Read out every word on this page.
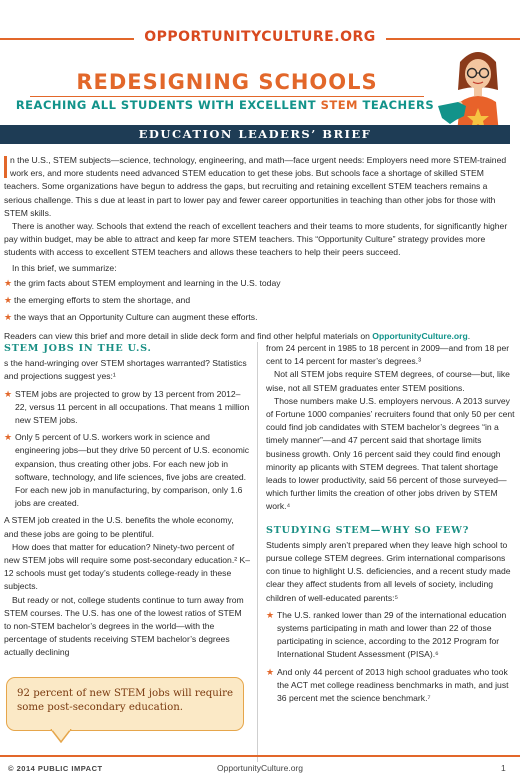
OPPORTUNITYCULTURE.ORG
REDESIGNING SCHOOLS
REACHING ALL STUDENTS WITH EXCELLENT STEM TEACHERS
EDUCATION LEADERS’ BRIEF

n the U.S., STEM subjects—science, technology, engineering, and math—face urgent needs: Employers need more STEM-trained work ers, and more students need advanced STEM education to get these jobs. But schools face a shortage of skilled STEM teachers. Some organizations have begun to address the gaps, but recruiting and retaining excellent STEM teachers remains a serious challenge. This s due at least in part to lower pay and fewer career opportunities in teaching than other jobs for those with STEM skills.

There is another way. Schools that extend the reach of excellent teachers and their teams to more students, for significantly higher pay within budget, may be able to attract and keep far more STEM teachers. This “Opportunity Culture” strategy provides more students with access to excellent STEM teachers and allows these teachers to help their peers succeed.

In this brief, we summarize:

★ the grim facts about STEM employment and learning in the U.S. today
★ the emerging efforts to stem the shortage, and
★ the ways that an Opportunity Culture can augment these efforts.

Readers can view this brief and more detail in slide deck form and find other helpful materials on OpportunityCulture.org.

STEM JOBS IN THE U.S.

s the hand-wringing over STEM shortages warranted? Statistics and projections suggest yes:¹

★ STEM jobs are projected to grow by 13 percent from 2012–22, versus 11 percent in all occupations. That means 1 million new STEM jobs.
★ Only 5 percent of U.S. workers work in science and engineering jobs—but they drive 50 percent of U.S. economic expansion, thus creating other jobs. For each new job in software, technology, and life sciences, five jobs are created. For each new job in manufacturing, by comparison, only 1.6 jobs are created.

A STEM job created in the U.S. benefits the whole economy, and these jobs are going to be plentiful.

How does that matter for education? Ninety-two percent of new STEM jobs will require some post-secondary education.² K–12 schools must get today’s students college-ready in these subjects.

But ready or not, college students continue to turn away from STEM courses. The U.S. has one of the lowest ratios of STEM to non-STEM bachelor’s degrees in the world—with the percentage of students receiving STEM bachelor’s degrees actually declining

from 24 percent in 1985 to 18 percent in 2009—and from 18 per cent to 14 percent for master’s degrees.³

Not all STEM jobs require STEM degrees, of course—but, like wise, not all STEM graduates enter STEM positions.

Those numbers make U.S. employers nervous. A 2013 survey of Fortune 1000 companies’ recruiters found that only 50 per cent could find job candidates with STEM bachelor’s degrees “in a timely manner”—and 47 percent said that shortage limits business growth. Only 16 percent said they could find enough minority ap plicants with STEM degrees. That talent shortage leads to lower productivity, said 56 percent of those surveyed—which further limits the creation of other jobs driven by STEM work.⁴

STUDYING STEM—WHY SO FEW?

Students simply aren’t prepared when they leave high school to pursue college STEM degrees. Grim international comparisons con tinue to highlight U.S. deficiencies, and a recent study made clear they affect students from all levels of society, including children of well-educated parents:⁵

★ The U.S. ranked lower than 29 of the international education systems participating in math and lower than 22 of those participating in science, according to the 2012 Program for International Student Assessment (PISA).⁶
★ And only 44 percent of 2013 high school graduates who took the ACT met college readiness benchmarks in math, and just 36 percent met the science benchmark.⁷
92 percent of new STEM jobs will require some post-secondary education.
© 2014 PUBLIC IMPACT	OpportunityCulture.org	1
